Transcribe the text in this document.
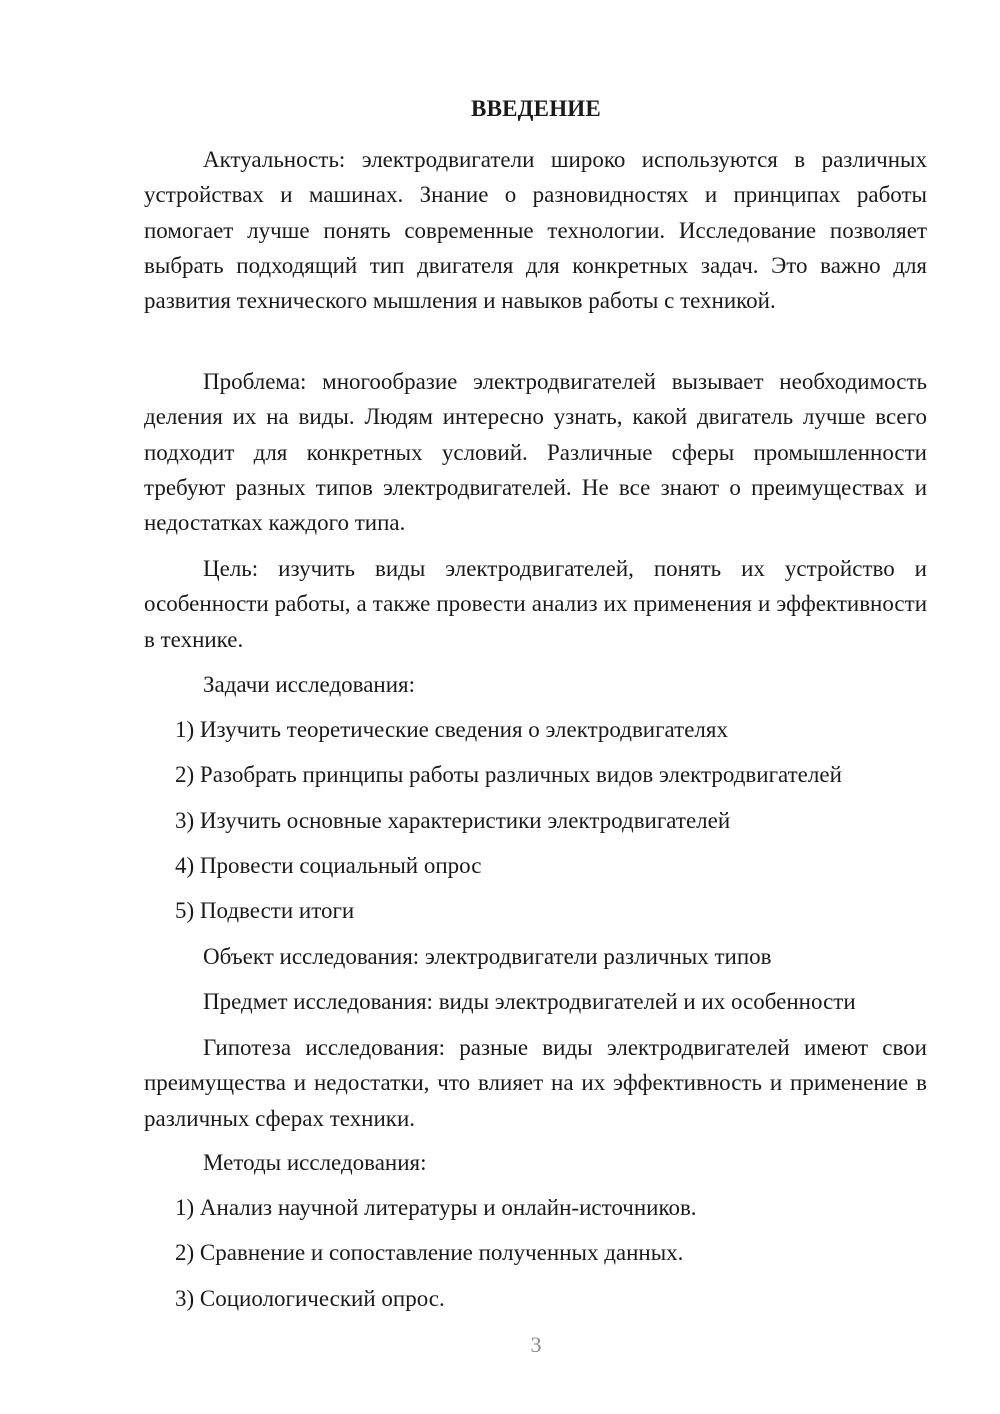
ВВЕДЕНИЕ

Актуальность: электродвигатели широко используются в различных устройствах и машинах. Знание о разновидностях и принципах работы помогает лучше понять современные технологии. Исследование позволяет выбрать подходящий тип двигателя для конкретных задач. Это важно для развития технического мышления и навыков работы с техникой.

Проблема: многообразие электродвигателей вызывает необходимость деления их на виды. Людям интересно узнать, какой двигатель лучше всего подходит для конкретных условий. Различные сферы промышленности требуют разных типов электродвигателей. Не все знают о преимуществах и недостатках каждого типа.

Цель: изучить виды электродвигателей, понять их устройство и особенности работы, а также провести анализ их применения и эффективности в технике.

Задачи исследования:

1) Изучить теоретические сведения о электродвигателях

2) Разобрать принципы работы различных видов электродвигателей

3) Изучить основные характеристики электродвигателей

4) Провести социальный опрос

5) Подвести итоги

Объект исследования: электродвигатели различных типов

Предмет исследования: виды электродвигателей и их особенности

Гипотеза исследования: разные виды электродвигателей имеют свои преимущества и недостатки, что влияет на их эффективность и применение в различных сферах техники.

Методы исследования:

1) Анализ научной литературы и онлайн-источников.

2) Сравнение и сопоставление полученных данных.

3) Социологический опрос.

3
